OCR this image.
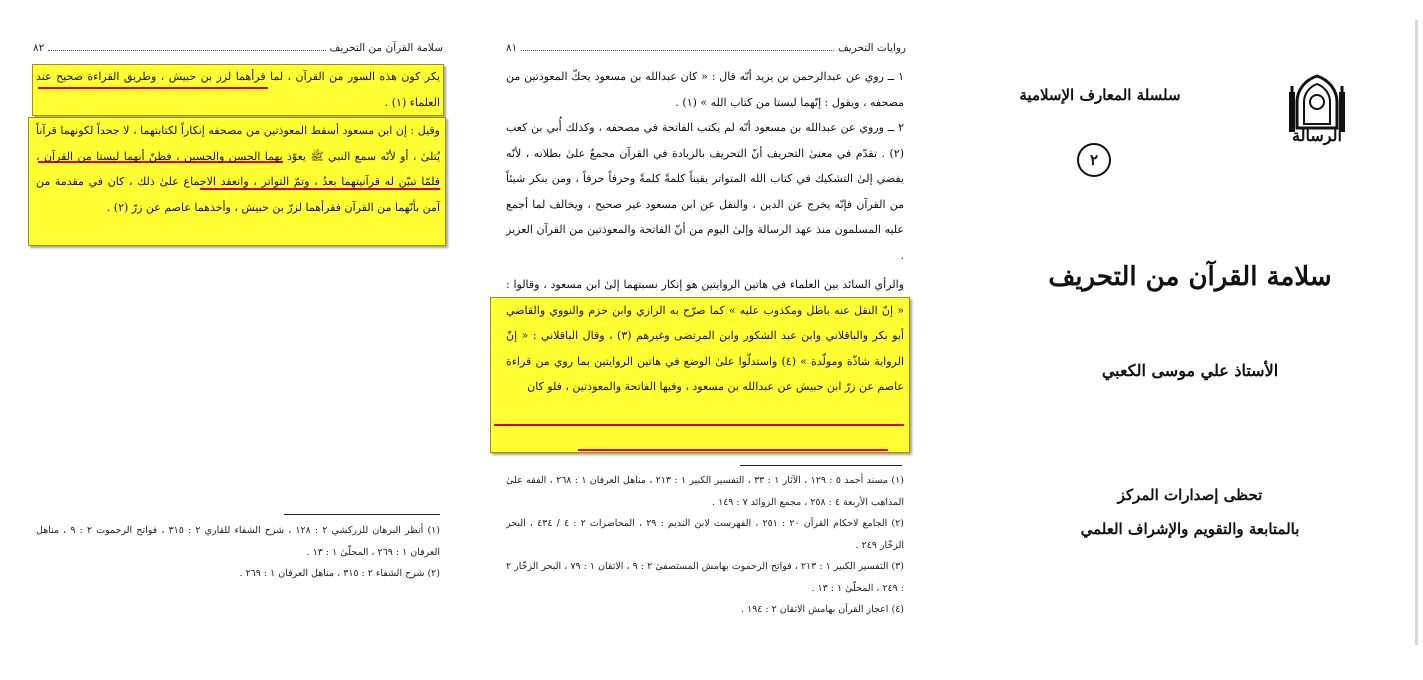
سلامة القرآن من التحريف
٨٢

يكر كون هذه السور من القرآن ، لما قرأهما لزر بن حبيش ، وطريق القراءة صحيح عند العلماء (١) .

وقيل : إن ابن مسعود أسقط المعوذتين من مصحفه إنكاراً لكتابتهما ، لا جحداً لكونهما قرآناً يُتلىٰ ، أو لأنّه سمع النبي ﷺ يعوّذ بهما الحسن والحسين ، فظنّ أنهما ليستا من القرآن ، فلمّا تبيّن له قرآنيتهما بعدُ ، وتمّ التواتر ، وانعقد الاجماع علىٰ ذلك ، كان في مقدمة من آمن بأنّهما من القرآن فقرأهما لزرّ بن حبيش ، وأخذهما عاصم عن زرّ (٢) .

(١) أنظر البرهان للزركشي ٢ : ١٢٨ ، شرح الشفاء للقاري ٢ : ٣١٥ ، فواتح الرحموت ٢ : ٩ ، مناهل العرفان ١ : ٢٦٩ ، المحلّىٰ ١ : ١٣ .

(٢) شرح الشفاء ٢ : ٣١٥ ، مناهل العرفان ١ : ٢٦٩ .

روايات التحريف
٨١

١ ــ روي عن عبدالرحمن بن يزيد أنّه قال : « كان عبدالله بن مسعود يحكّ المعوذتين من مصحفه ، ويقول : إنّهما ليستا من كتاب الله » (١) .

٢ ــ وروي عن عبدالله بن مسعود أنّه لم يكتب الفاتحة في مصحفه ، وكذلك أُبي بن كعب (٢) . تقدّم في معنىٰ التحريف أنّ التحريف بالزيادة في القرآن مجمعٌ علىٰ بطلانه ، لأنّه يفضي إلىٰ التشكيك في كتاب الله المتواتر يقيناً كلمةً كلمةً وحرفاً حرفاً ، ومن ينكر شيئاً من القرآن فإنّه يخرج عن الدين ، والنقل عن ابن مسعود غير صحيح ، ويخالف لما أجمع عليه المسلمون منذ عهد الرسالة وإلىٰ اليوم من أنّ الفاتحة والمعوذتين من القرآن العزيز .

والرأي السائد بين العلماء في هاتين الروايتين هو إنكار نسبتهما إلىٰ ابن مسعود ، وقالوا : « إنّ النقل عنه باطل ومكذوب عليه » كما صرّح به الرازي وابن حزم والنووي والقاضي أبو بكر والباقلاني وابن عبد الشكور وابن المرتضى وغيرهم (٣) ، وقال الباقلاني : « إنّ الرواية شاذّة ومولّدة » (٤) واستدلّوا علىٰ الوضع في هاتين الروايتين بما روي من قراءة عاصم عن زرّ ابن حبيش عن عبدالله بن مسعود ، وفيها الفاتحة والمعوذتين ، فلو كان

(١) مسند أحمد ٥ : ١٢٩ ، الآثار ١ : ٣٣ ، التفسير الكبير ١ : ٢١٣ ، مناهل العرفان ١ : ٢٦٨ ، الفقه علىٰ المذاهب الأربعة ٤ : ٢٥٨ ، مجمع الزوائد ٧ : ١٤٩ .

(٢) الجامع لاحكام القرآن ٢٠ : ٢٥١ ، الفهرست لابن النديم : ٢٩ ، المحاضرات ٢ : ٤ / ٤٣٤ ، البحر الزخّار ٢٤٩ .

(٣) التفسير الكبير ١ : ٢١٣ ، فواتح الرحموت بهامش المستصفىٰ ٢ : ٩ ، الاتقان ١ : ٧٩ ، البحر الزخّار ٢ : ٢٤٩ ، المحلّىٰ ١ : ١٣ .

(٤) اعجاز القرآن بهامش الاتقان ٢ : ١٩٤ .

سلسلة المعارف الإسلامية
٢
الرسالة
سلامة القرآن من التحريف
الأستاذ علي موسى الكعبي
تحظى إصدارات المركز
بالمتابعة والتقويم والإشراف العلمي
